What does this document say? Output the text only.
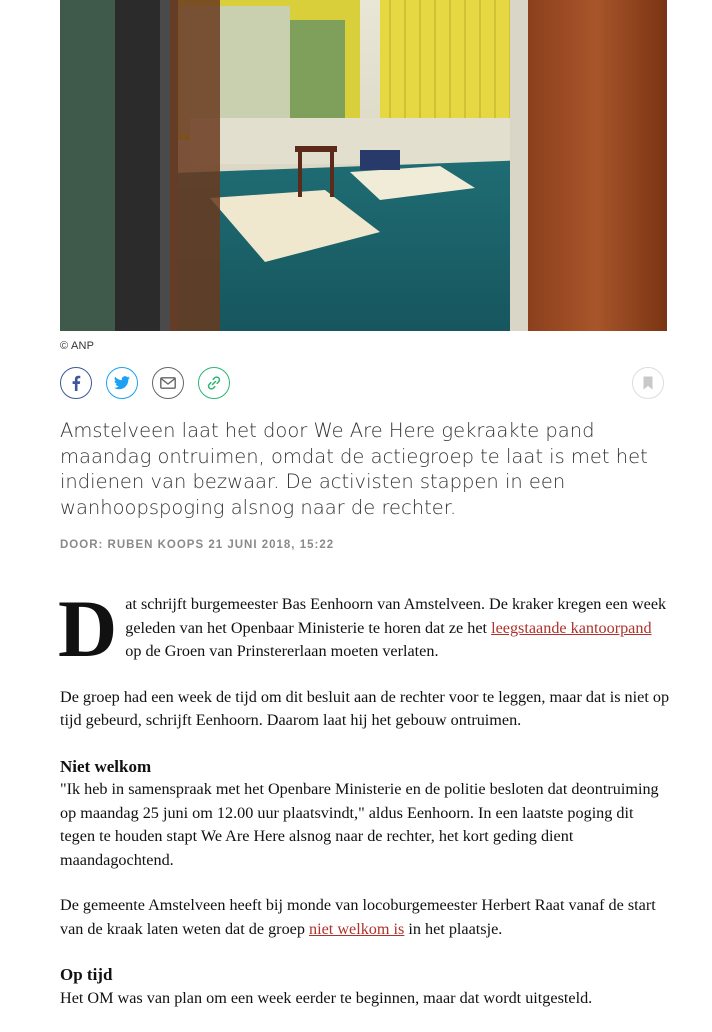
© ANP

Amstelveen laat het door We Are Here gekraakte pand maandag ontruimen, omdat de actiegroep te laat is met het indienen van bezwaar. De activisten stappen in een wanhoopspoging alsnog naar de rechter.

DOOR: RUBEN KOOPS 21 JUNI 2018, 15:22

Dat schrijft burgemeester Bas Eenhoorn van Amstelveen. De kraker kregen een week geleden van het Openbaar Ministerie te horen dat ze het leegstaande kantoorpand op de Groen van Prinstererlaan moeten verlaten.

De groep had een week de tijd om dit besluit aan de rechter voor te leggen, maar dat is niet op tijd gebeurd, schrijft Eenhoorn. Daarom laat hij het gebouw ontruimen.

Niet welkom

"Ik heb in samenspraak met het Openbare Ministerie en de politie besloten dat deontruiming op maandag 25 juni om 12.00 uur plaatsvindt," aldus Eenhoorn. In een laatste poging dit tegen te houden stapt We Are Here alsnog naar de rechter, het kort geding dient maandagochtend.

De gemeente Amstelveen heeft bij monde van locoburgemeester Herbert Raat vanaf de start van de kraak laten weten dat de groep niet welkom is in het plaatsje.

Op tijd

Het OM was van plan om een week eerder te beginnen, maar dat wordt uitgesteld.
